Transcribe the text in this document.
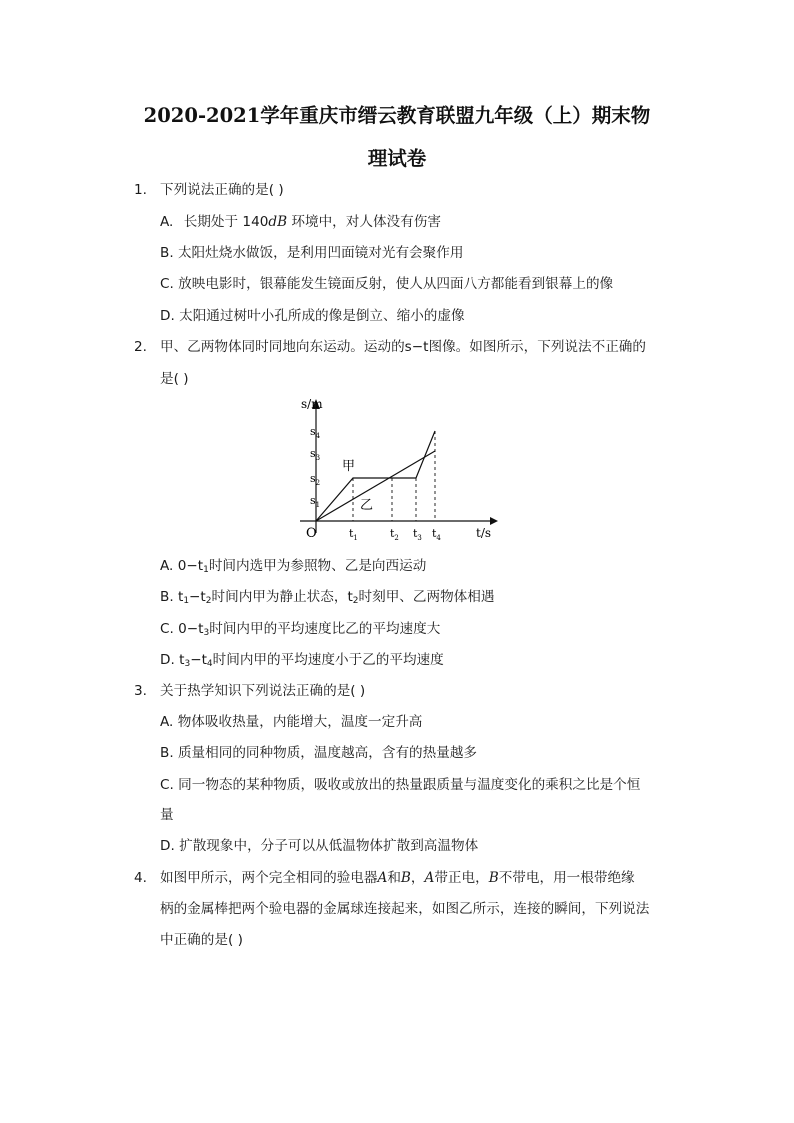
2020-2021学年重庆市缙云教育联盟九年级（上）期末物
理试卷
1. 下列说法正确的是( )
A. 长期处于 140dB 环境中，对人体没有伤害
B. 太阳灶烧水做饭，是利用凹面镜对光有会聚作用
C. 放映电影时，银幕能发生镜面反射，使人从四面八方都能看到银幕上的像
D. 太阳通过树叶小孔所成的像是倒立、缩小的虚像
2. 甲、乙两物体同时同地向东运动。运动的s−t图像。如图所示，下列说法不正确的
是( )
s/m
t/s
O
$s_4$
$s_3$
$s_2$
$s_1$
$t_1$	$t_2$ $t_3$ $t_4$
甲
乙
A. $0-t_1$时间内选甲为参照物、乙是向西运动
B. $t_1-t_2$时间内甲为静止状态，$t_2$时刻甲、乙两物体相遇
C. $0-t_3$时间内甲的平均速度比乙的平均速度大
D. $t_3-t_4$时间内甲的平均速度小于乙的平均速度
3. 关于热学知识下列说法正确的是( )
A. 物体吸收热量，内能增大，温度一定升高
B. 质量相同的同种物质，温度越高，含有的热量越多
C. 同一物态的某种物质，吸收或放出的热量跟质量与温度变化的乘积之比是个恒
量
D. 扩散现象中，分子可以从低温物体扩散到高温物体
4. 如图甲所示，两个完全相同的验电器A和B，A带正电，B不带电，用一根带绝缘
柄的金属棒把两个验电器的金属球连接起来，如图乙所示，连接的瞬间，下列说法
中正确的是( )
